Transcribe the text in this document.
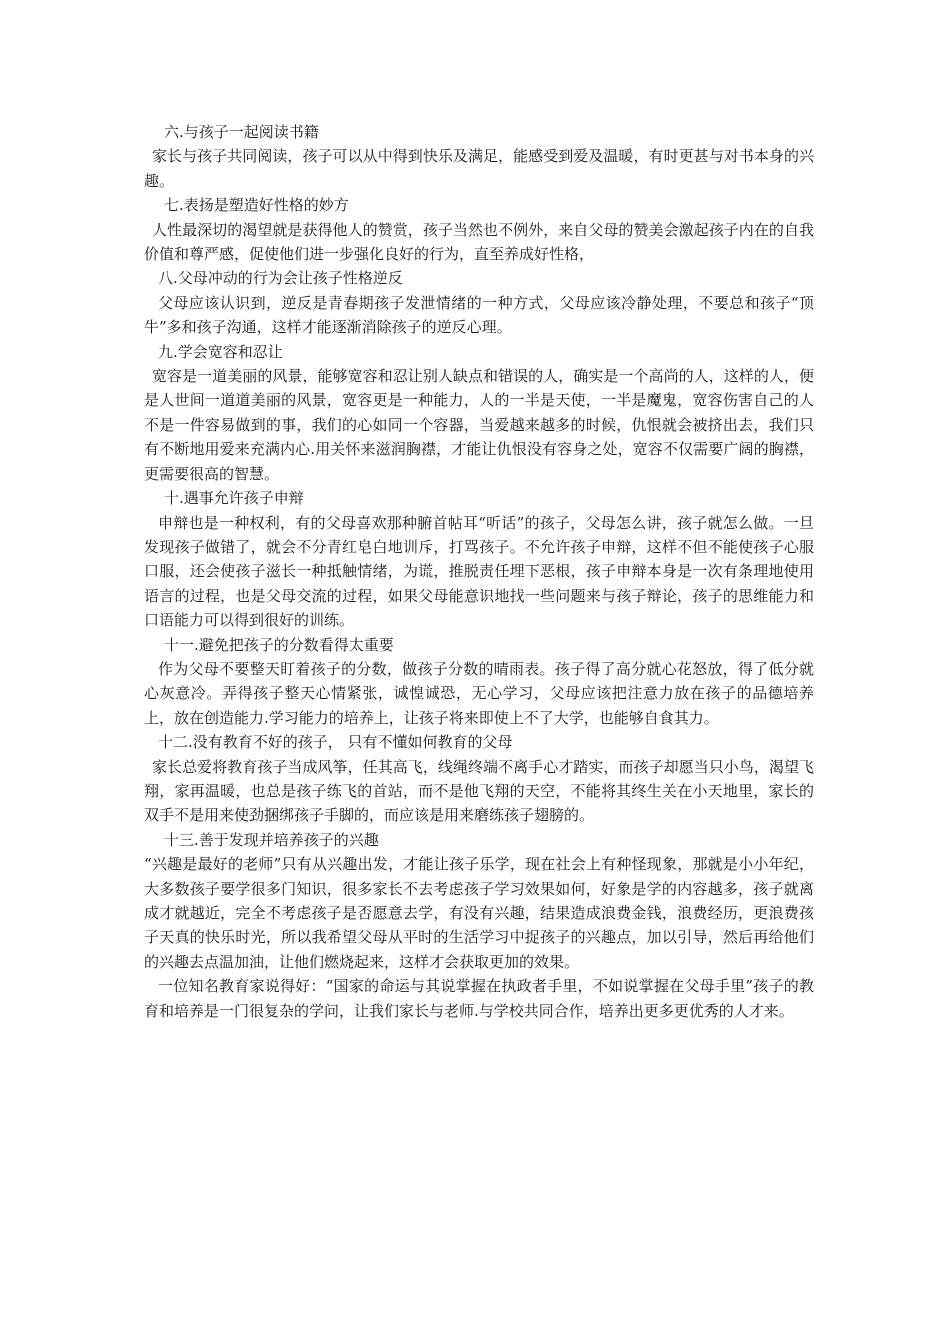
六.与孩子一起阅读书籍

家长与孩子共同阅读，孩子可以从中得到快乐及满足，能感受到爱及温暖，有时更甚与对书本身的兴趣。

七.表扬是塑造好性格的妙方

人性最深切的渴望就是获得他人的赞赏，孩子当然也不例外，来自父母的赞美会激起孩子内在的自我价值和尊严感，促使他们进一步强化良好的行为，直至养成好性格，

八.父母冲动的行为会让孩子性格逆反

父母应该认识到，逆反是青春期孩子发泄情绪的一种方式，父母应该冷静处理，不要总和孩子“顶牛”多和孩子沟通，这样才能逐渐消除孩子的逆反心理。

九.学会宽容和忍让

宽容是一道美丽的风景，能够宽容和忍让别人缺点和错误的人，确实是一个高尚的人，这样的人，便是人世间一道道美丽的风景，宽容更是一种能力，人的一半是天使，一半是魔鬼，宽容伤害自己的人不是一件容易做到的事，我们的心如同一个容器，当爱越来越多的时候，仇恨就会被挤出去，我们只有不断地用爱来充满内心.用关怀来滋润胸襟，才能让仇恨没有容身之处，宽容不仅需要广阔的胸襟，更需要很高的智慧。

十.遇事允许孩子申辩

申辩也是一种权利，有的父母喜欢那种腑首帖耳“听话”的孩子，父母怎么讲，孩子就怎么做。一旦发现孩子做错了，就会不分青红皂白地训斥，打骂孩子。不允许孩子申辩，这样不但不能使孩子心服口服，还会使孩子滋长一种抵触情绪，为谎，推脱责任埋下恶根，孩子申辩本身是一次有条理地使用语言的过程，也是父母交流的过程，如果父母能意识地找一些问题来与孩子辩论，孩子的思维能力和口语能力可以得到很好的训练。

十一.避免把孩子的分数看得太重要

作为父母不要整天盯着孩子的分数，做孩子分数的晴雨表。孩子得了高分就心花怒放，得了低分就心灰意冷。弄得孩子整天心情紧张，诚惶诚恐，无心学习，父母应该把注意力放在孩子的品德培养上，放在创造能力.学习能力的培养上，让孩子将来即使上不了大学，也能够自食其力。

十二.没有教育不好的孩子， 只有不懂如何教育的父母

家长总爱将教育孩子当成风筝，任其高飞，线绳终端不离手心才踏实，而孩子却愿当只小鸟，渴望飞翔，家再温暖，也总是孩子练飞的首站，而不是他飞翔的天空，不能将其终生关在小天地里，家长的双手不是用来使劲捆绑孩子手脚的，而应该是用来磨练孩子翅膀的。

十三.善于发现并培养孩子的兴趣

“兴趣是最好的老师”只有从兴趣出发，才能让孩子乐学，现在社会上有种怪现象，那就是小小年纪，大多数孩子要学很多门知识，很多家长不去考虑孩子学习效果如何，好象是学的内容越多，孩子就离成才就越近，完全不考虑孩子是否愿意去学，有没有兴趣，结果造成浪费金钱，浪费经历，更浪费孩子天真的快乐时光，所以我希望父母从平时的生活学习中捉孩子的兴趣点，加以引导，然后再给他们的兴趣去点温加油，让他们燃烧起来，这样才会获取更加的效果。

一位知名教育家说得好：“国家的命运与其说掌握在执政者手里，不如说掌握在父母手里”孩子的教育和培养是一门很复杂的学问，让我们家长与老师.与学校共同合作，培养出更多更优秀的人才来。
